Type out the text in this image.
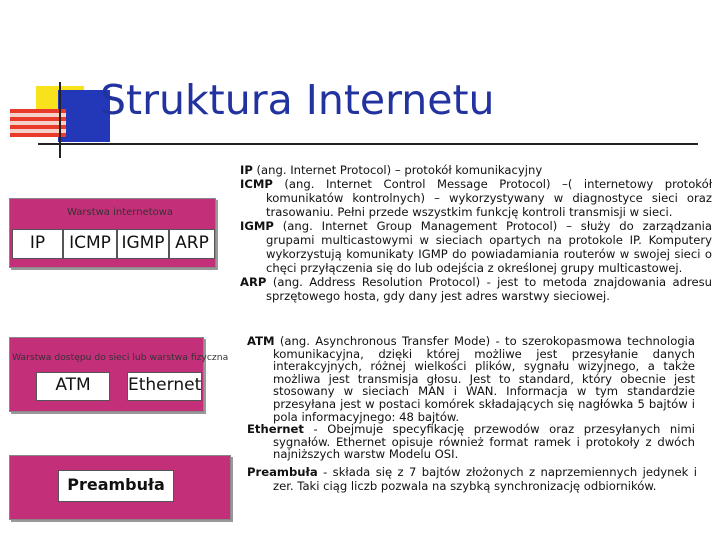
Struktura Internetu
Warstwa internetowa
IP	ICMP IGMP ARP
Warstwa dostępu do sieci lub warstwa fizyczna
ATM	Ethernet
Preambuła

IP (ang. Internet Protocol) – protokół komunikacyjny

ICMP (ang. Internet Control Message Protocol) –( internetowy protokół komunikatów kontrolnych) – wykorzystywany w diagnostyce sieci oraz trasowaniu. Pełni przede wszystkim funkcję kontroli transmisji w sieci.

IGMP (ang. Internet Group Management Protocol) – służy do zarządzania grupami multicastowymi w sieciach opartych na protokole IP. Komputery wykorzystują komunikaty IGMP do powiadamiania routerów w swojej sieci o chęci przyłączenia się do lub odejścia z określonej grupy multicastowej.

ARP (ang. Address Resolution Protocol) - jest to metoda znajdowania adresu sprzętowego hosta, gdy dany jest adres warstwy sieciowej.

ATM (ang. Asynchronous Transfer Mode) - to szerokopasmowa technologia komunikacyjna, dzięki której możliwe jest przesyłanie danych interakcyjnych, różnej wielkości plików, sygnału wizyjnego, a także możliwa jest transmisja głosu. Jest to standard, który obecnie jest stosowany w sieciach MAN i WAN. Informacja w tym standardzie przesyłana jest w postaci komórek składających się nagłówka 5 bajtów i pola informacyjnego: 48 bajtów.

Ethernet - Obejmuje specyfikację przewodów oraz przesyłanych nimi sygnałów. Ethernet opisuje również format ramek i protokoły z dwóch najniższych warstw Modelu OSI.

Preambuła - składa się z 7 bajtów złożonych z naprzemiennych jedynek i zer. Taki ciąg liczb pozwala na szybką synchronizację odbiorników.
